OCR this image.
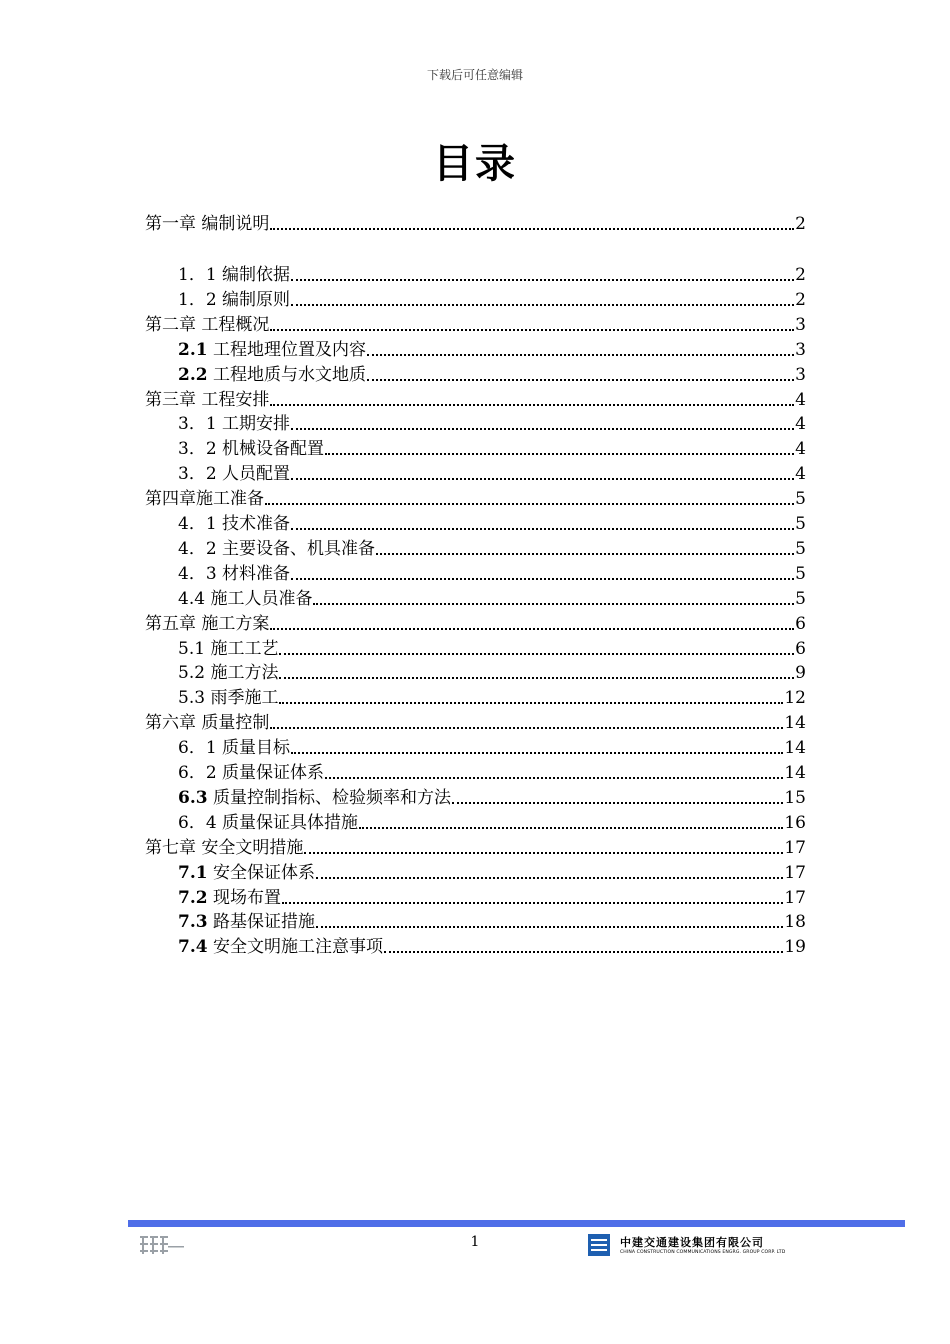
下载后可任意编辑
目录
第一章 编制说明	2
1．1 编制依据	2
1．2 编制原则	2
第二章 工程概况	3
2.1 工程地理位置及内容	3
2.2 工程地质与水文地质	3
第三章 工程安排	4
3．1 工期安排	4
3．2 机械设备配置	4
3．2 人员配置	4
第四章施工准备	5
4．1 技术准备	5
4．2 主要设备、机具准备	5
4．3 材料准备	5
4.4 施工人员准备	5
第五章 施工方案	6
5.1 施工工艺	6
5.2 施工方法	9
5.3 雨季施工	12
第六章 质量控制	14
6．1 质量目标	14
6．2 质量保证体系	14
6.3 质量控制指标、检验频率和方法	15
6．4 质量保证具体措施	16
第七章 安全文明措施	17
7.1 安全保证体系	17
7.2 现场布置	17
7.3 路基保证措施	18
7.4 安全文明施工注意事项	19
1	中建交通建设集团有限公司
CHINA CONSTRUCTION COMMUNICATIONS ENGRG. GROUP CORP. LTD
